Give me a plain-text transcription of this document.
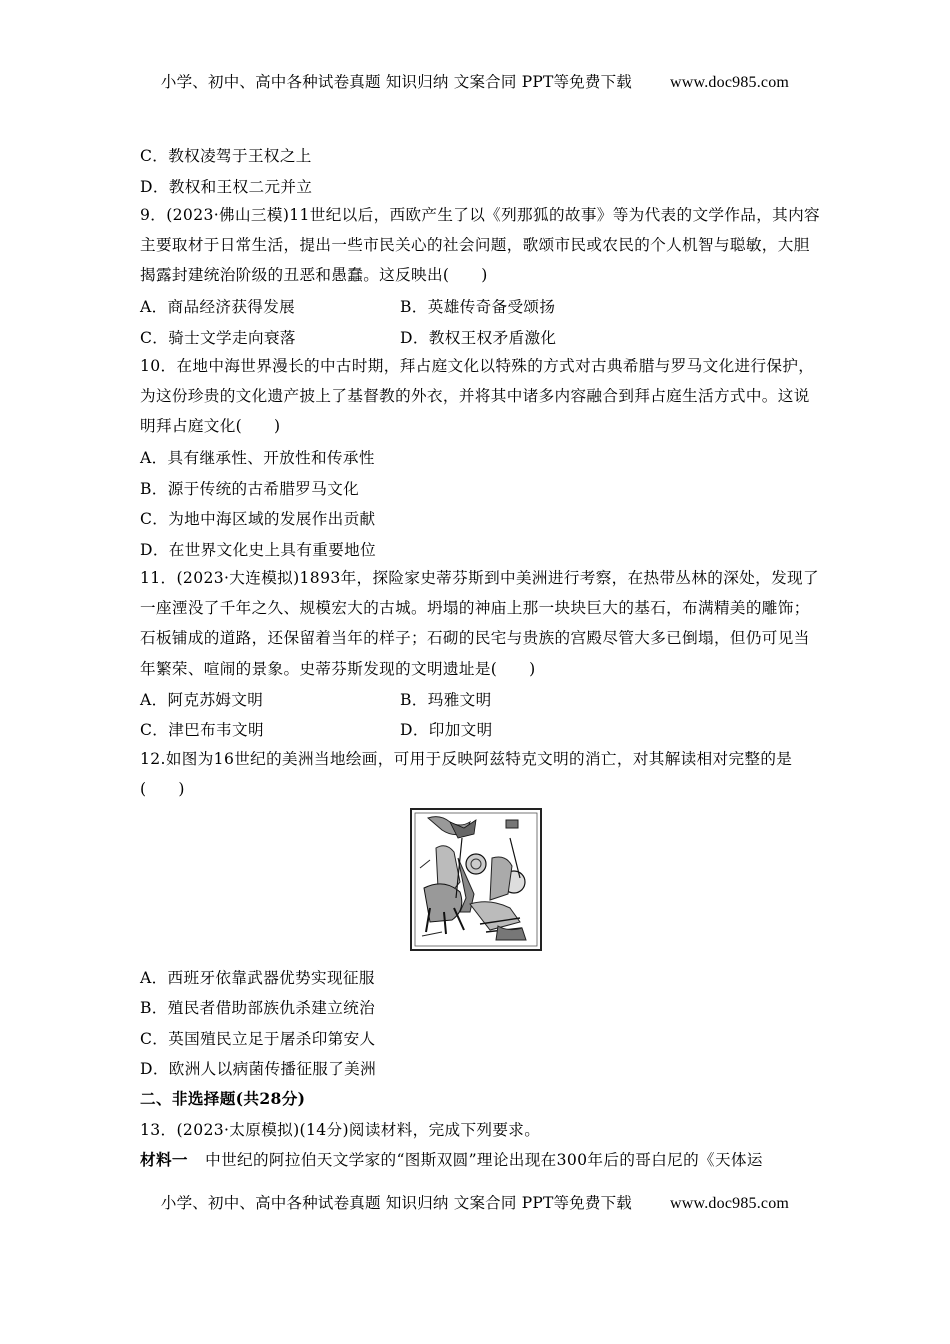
小学、初中、高中各种试卷真题 知识归纳 文案合同 PPT等免费下载 www.doc985.com
C．教权凌驾于王权之上
D．教权和王权二元并立
9．(2023·佛山三模)11世纪以后，西欧产生了以《列那狐的故事》等为代表的文学作品，其内容主要取材于日常生活，提出一些市民关心的社会问题，歌颂市民或农民的个人机智与聪敏，大胆揭露封建统治阶级的丑恶和愚蠢。这反映出(　　)
A．商品经济获得发展	B．英雄传奇备受颂扬
C．骑士文学走向衰落	D．教权王权矛盾激化
10．在地中海世界漫长的中古时期，拜占庭文化以特殊的方式对古典希腊与罗马文化进行保护，为这份珍贵的文化遗产披上了基督教的外衣，并将其中诸多内容融合到拜占庭生活方式中。这说明拜占庭文化(　　)
A．具有继承性、开放性和传承性
B．源于传统的古希腊罗马文化
C．为地中海区域的发展作出贡献
D．在世界文化史上具有重要地位
11．(2023·大连模拟)1893年，探险家史蒂芬斯到中美洲进行考察，在热带丛林的深处，发现了一座湮没了千年之久、规模宏大的古城。坍塌的神庙上那一块块巨大的基石，布满精美的雕饰；石板铺成的道路，还保留着当年的样子；石砌的民宅与贵族的宫殿尽管大多已倒塌，但仍可见当年繁荣、喧闹的景象。史蒂芬斯发现的文明遗址是(　　)
A．阿克苏姆文明	B．玛雅文明
C．津巴布韦文明	D．印加文明
12.如图为16世纪的美洲当地绘画，可用于反映阿兹特克文明的消亡，对其解读相对完整的是(　　)
A．西班牙依靠武器优势实现征服
B．殖民者借助部族仇杀建立统治
C．英国殖民立足于屠杀印第安人
D．欧洲人以病菌传播征服了美洲
二、非选择题(共28分)
13．(2023·太原模拟)(14分)阅读材料，完成下列要求。
材料一 中世纪的阿拉伯天文学家的“图斯双圆”理论出现在300年后的哥白尼的《天体运
小学、初中、高中各种试卷真题 知识归纳 文案合同 PPT等免费下载 www.doc985.com
